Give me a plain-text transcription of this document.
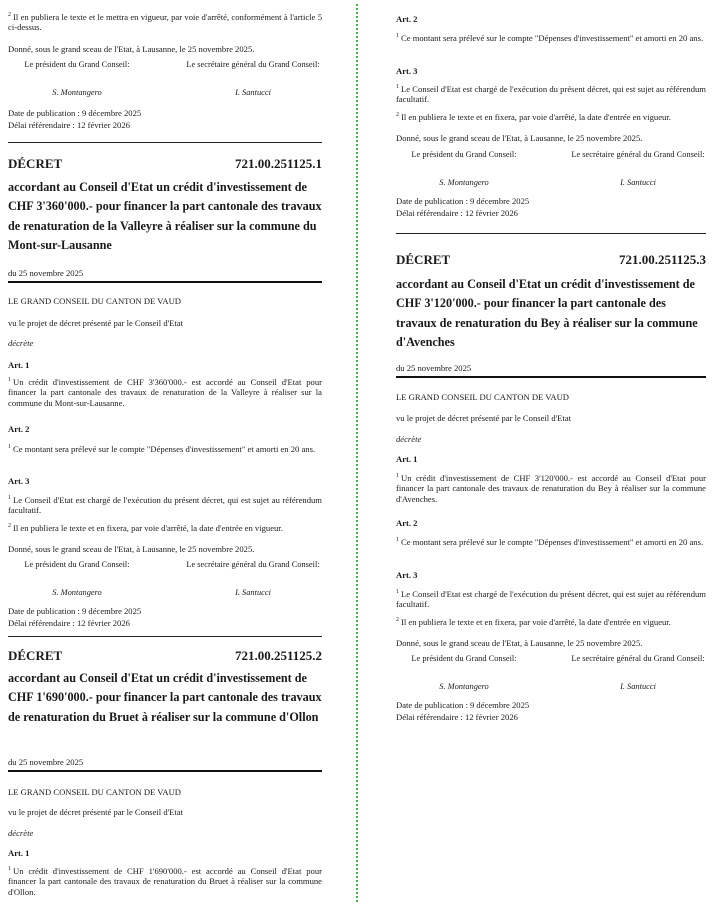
$^2$ Il en publiera le texte et le mettra en vigueur, par voie d'arrêté, conformément à l'article 5 ci-dessus.

Donné, sous le grand sceau de l'Etat, à Lausanne, le 25 novembre 2025.

Le président du Grand Conseil:	Le secrétaire général du Grand Conseil:
S. Montangero	I. Santucci

Date de publication : 9 décembre 2025

Délai référendaire : 12 février 2026

DÉCRET	721.00.251125.1

accordant au Conseil d'Etat un crédit d'investissement de CHF 3'360'000.- pour financer la part cantonale des travaux de renaturation de la Valleyre à réaliser sur la commune du Mont-sur-Lausanne

du 25 novembre 2025

LE GRAND CONSEIL DU CANTON DE VAUD

vu le projet de décret présenté par le Conseil d'Etat

décrète

Art. 1

$^1$ Un crédit d'investissement de CHF 3'360'000.- est accordé au Conseil d'Etat pour financer la part cantonale des travaux de renaturation de la Valleyre à réaliser sur la commune du Mont-sur-Lausanne.

Art. 2

$^1$ Ce montant sera prélevé sur le compte "Dépenses d'investissement" et amorti en 20 ans.

Art. 3

$^1$ Le Conseil d'Etat est chargé de l'exécution du présent décret, qui est sujet au référendum facultatif.

$^2$ Il en publiera le texte et en fixera, par voie d'arrêté, la date d'entrée en vigueur.

Donné, sous le grand sceau de l'Etat, à Lausanne, le 25 novembre 2025.

Le président du Grand Conseil:	Le secrétaire général du Grand Conseil:
S. Montangero	I. Santucci

Date de publication : 9 décembre 2025

Délai référendaire : 12 février 2026

DÉCRET	721.00.251125.2

accordant au Conseil d'Etat un crédit d'investissement de CHF 1'690'000.- pour financer la part cantonale des travaux de renaturation du Bruet à réaliser sur la commune d'Ollon

du 25 novembre 2025

LE GRAND CONSEIL DU CANTON DE VAUD

vu le projet de décret présenté par le Conseil d'Etat

décrète

Art. 1

$^1$ Un crédit d'investissement de CHF 1'690'000.- est accordé au Conseil d'Etat pour financer la part cantonale des travaux de renaturation du Bruet à réaliser sur la commune d'Ollon.

Art. 2

$^1$ Ce montant sera prélevé sur le compte "Dépenses d'investissement" et amorti en 20 ans.

Art. 3

$^1$ Le Conseil d'Etat est chargé de l'exécution du présent décret, qui est sujet au référendum facultatif.

$^2$ Il en publiera le texte et en fixera, par voie d'arrêté, la date d'entrée en vigueur.

Donné, sous le grand sceau de l'Etat, à Lausanne, le 25 novembre 2025.

Le président du Grand Conseil:	Le secrétaire général du Grand Conseil:
S. Montangero	I. Santucci

Date de publication : 9 décembre 2025

Délai référendaire : 12 février 2026

DÉCRET	721.00.251125.3

accordant au Conseil d'Etat un crédit d'investissement de CHF 3'120'000.- pour financer la part cantonale des travaux de renaturation du Bey à réaliser sur la commune d'Avenches

du 25 novembre 2025

LE GRAND CONSEIL DU CANTON DE VAUD

vu le projet de décret présenté par le Conseil d'Etat

décrète

Art. 1

$^1$ Un crédit d'investissement de CHF 3'120'000.- est accordé au Conseil d'Etat pour financer la part cantonale des travaux de renaturation du Bey à réaliser sur la commune d'Avenches.

Art. 2

$^1$ Ce montant sera prélevé sur le compte "Dépenses d'investissement" et amorti en 20 ans.

Art. 3

$^1$ Le Conseil d'Etat est chargé de l'exécution du présent décret, qui est sujet au référendum facultatif.

$^2$ Il en publiera le texte et en fixera, par voie d'arrêté, la date d'entrée en vigueur.

Donné, sous le grand sceau de l'Etat, à Lausanne, le 25 novembre 2025.

Le président du Grand Conseil:	Le secrétaire général du Grand Conseil:
S. Montangero	I. Santucci

Date de publication : 9 décembre 2025

Délai référendaire : 12 février 2026
